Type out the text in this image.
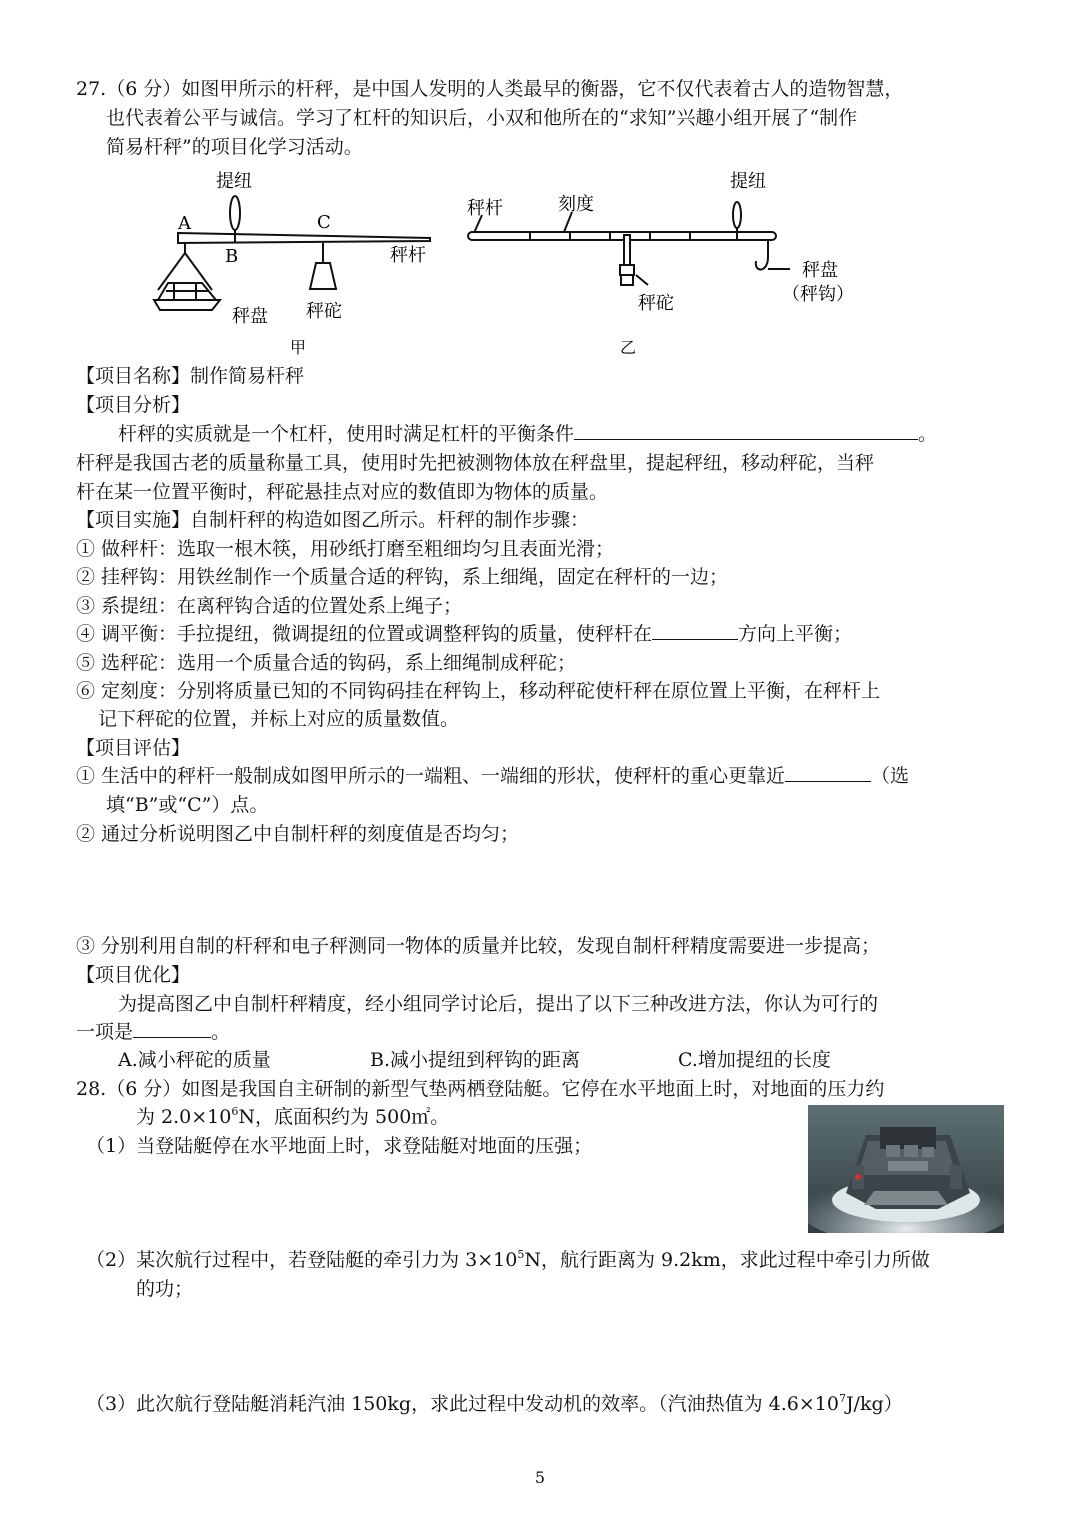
27.（6 分）如图甲所示的杆秤，是中国人发明的人类最早的衡器，它不仅代表着古人的造物智慧，
也代表着公平与诚信。学习了杠杆的知识后，小双和他所在的“求知”兴趣小组开展了“制作
简易杆秤”的项目化学习活动。
A
提纽
B
C
秤杆
秤盘 秤砣
甲
秤杆	刻度
提纽
秤盘
（秤钩）
秤砣
乙
【项目名称】制作简易杆秤
【项目分析】
杆秤的实质就是一个杠杆，使用时满足杠杆的平衡条件	。
杆秤是我国古老的质量称量工具，使用时先把被测物体放在秤盘里，提起秤纽，移动秤砣，当秤
杆在某一位置平衡时，秤砣悬挂点对应的数值即为物体的质量。
【项目实施】自制杆秤的构造如图乙所示。杆秤的制作步骤：
① 做秤杆：选取一根木筷，用砂纸打磨至粗细均匀且表面光滑；
② 挂秤钩：用铁丝制作一个质量合适的秤钩，系上细绳，固定在秤杆的一边；
③ 系提纽：在离秤钩合适的位置处系上绳子；
④ 调平衡：手拉提纽，微调提纽的位置或调整秤钩的质量，使秤杆在	方向上平衡；
⑤ 选秤砣：选用一个质量合适的钩码，系上细绳制成秤砣；
⑥ 定刻度：分别将质量已知的不同钩码挂在秤钩上，移动秤砣使杆秤在原位置上平衡，在秤杆上
记下秤砣的位置，并标上对应的质量数值。
【项目评估】
① 生活中的秤杆一般制成如图甲所示的一端粗、一端细的形状，使秤杆的重心更靠近	（选
填“B”或“C”）点。
② 通过分析说明图乙中自制杆秤的刻度值是否均匀；
③ 分别利用自制的杆秤和电子秤测同一物体的质量并比较，发现自制杆秤精度需要进一步提高；
【项目优化】
为提高图乙中自制杆秤精度，经小组同学讨论后，提出了以下三种改进方法，你认为可行的
一项是	。
A.减小秤砣的质量	B.减小提纽到秤钩的距离	C.增加提纽的长度
28.（6 分）如图是我国自主研制的新型气垫两栖登陆艇。它停在水平地面上时，对地面的压力约
为 $2.0\times 10^6N$，底面积约为 500㎡。
（1）当登陆艇停在水平地面上时，求登陆艇对地面的压强；
（2）某次航行过程中，若登陆艇的牵引力为 $3\times 10^5N$，航行距离为 9.2km，求此过程中牵引力所做
的功；
（3）此次航行登陆艇消耗汽油 150kg，求此过程中发动机的效率。（汽油热值为 $4.6\times 10^7J/kg$）
5
